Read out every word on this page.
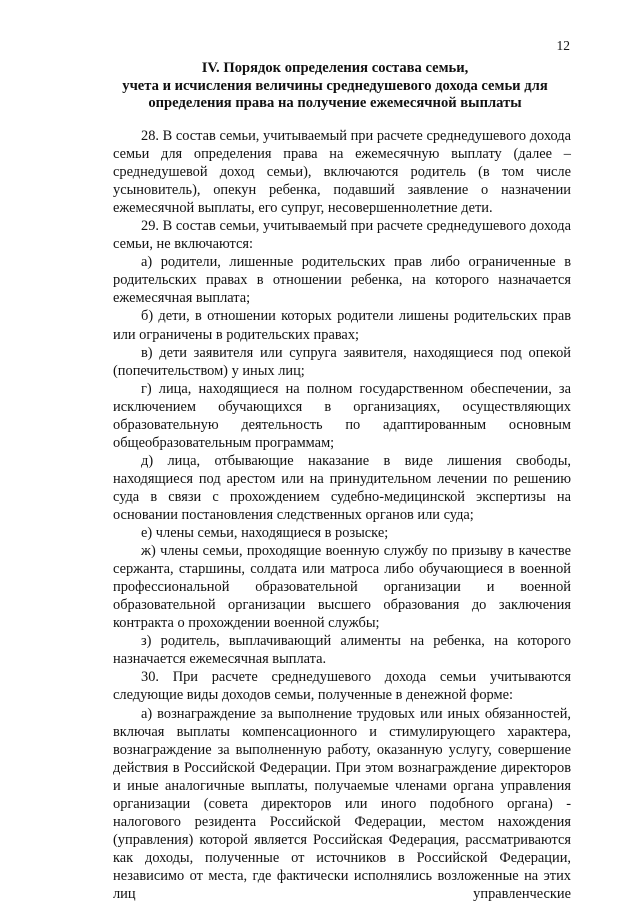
12
IV. Порядок определения состава семьи,
учета и исчисления величины среднедушевого дохода семьи для
определения права на получение ежемесячной выплаты

28. В состав семьи, учитываемый при расчете среднедушевого дохода семьи для определения права на ежемесячную выплату (далее – среднедушевой доход семьи), включаются родитель (в том числе усыновитель), опекун ребенка, подавший заявление о назначении ежемесячной выплаты, его супруг, несовершеннолетние дети.

29. В состав семьи, учитываемый при расчете среднедушевого дохода семьи, не включаются:

а) родители, лишенные родительских прав либо ограниченные в родительских правах в отношении ребенка, на которого назначается ежемесячная выплата;

б) дети, в отношении которых родители лишены родительских прав или ограничены в родительских правах;

в) дети заявителя или супруга заявителя, находящиеся под опекой (попечительством) у иных лиц;

г) лица, находящиеся на полном государственном обеспечении, за исключением обучающихся в организациях, осуществляющих образовательную деятельность по адаптированным основным общеобразовательным программам;

д) лица, отбывающие наказание в виде лишения свободы, находящиеся под арестом или на принудительном лечении по решению суда в связи с прохождением судебно-медицинской экспертизы на основании постановления следственных органов или суда;

е) члены семьи, находящиеся в розыске;

ж) члены семьи, проходящие военную службу по призыву в качестве сержанта, старшины, солдата или матроса либо обучающиеся в военной профессиональной образовательной организации и военной образовательной организации высшего образования до заключения контракта о прохождении военной службы;

з) родитель, выплачивающий алименты на ребенка, на которого назначается ежемесячная выплата.

30. При расчете среднедушевого дохода семьи учитываются следующие виды доходов семьи, полученные в денежной форме:

а) вознаграждение за выполнение трудовых или иных обязанностей, включая выплаты компенсационного и стимулирующего характера, вознаграждение за выполненную работу, оказанную услугу, совершение действия в Российской Федерации. При этом вознаграждение директоров и иные аналогичные выплаты, получаемые членами органа управления организации (совета директоров или иного подобного органа) - налогового резидента Российской Федерации, местом нахождения (управления) которой является Российская Федерация, рассматриваются как доходы, полученные от источников в Российской Федерации, независимо от места, где фактически исполнялись возложенные на этих лиц управленческие
